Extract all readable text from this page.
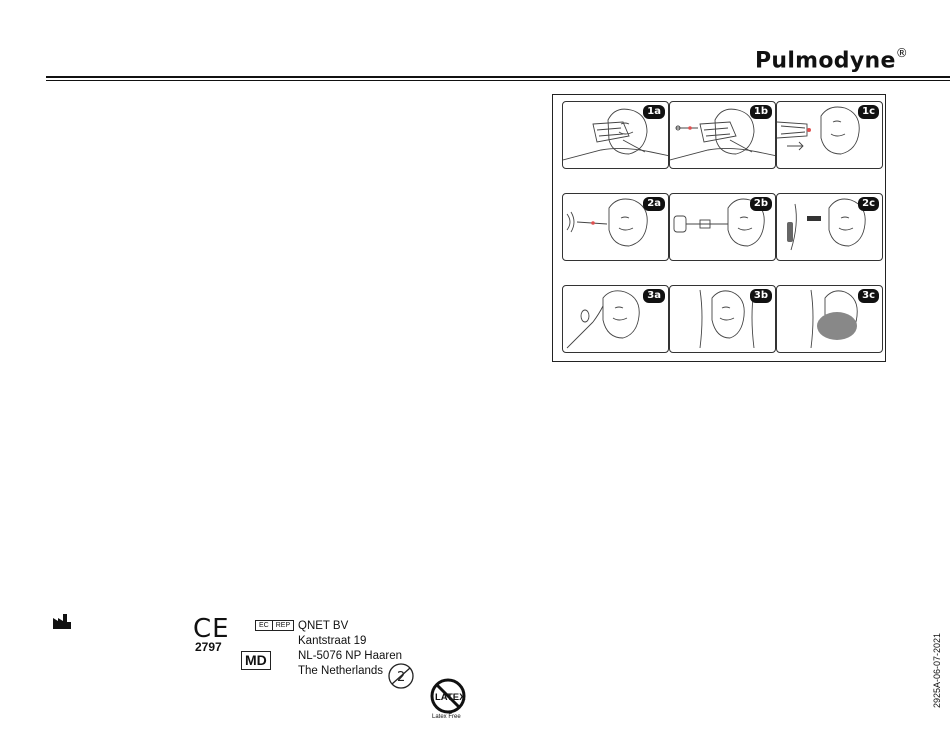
Pulmodyne®
1a	1b	1c
2a	2b	2c
3a	3b	3c
CE
2797
EC	REP
MD
QNET BV
Kantstraat 19
NL-5076 NP Haaren
The Netherlands	2
LATEX
Latex Free
2925A-06-07-2021
